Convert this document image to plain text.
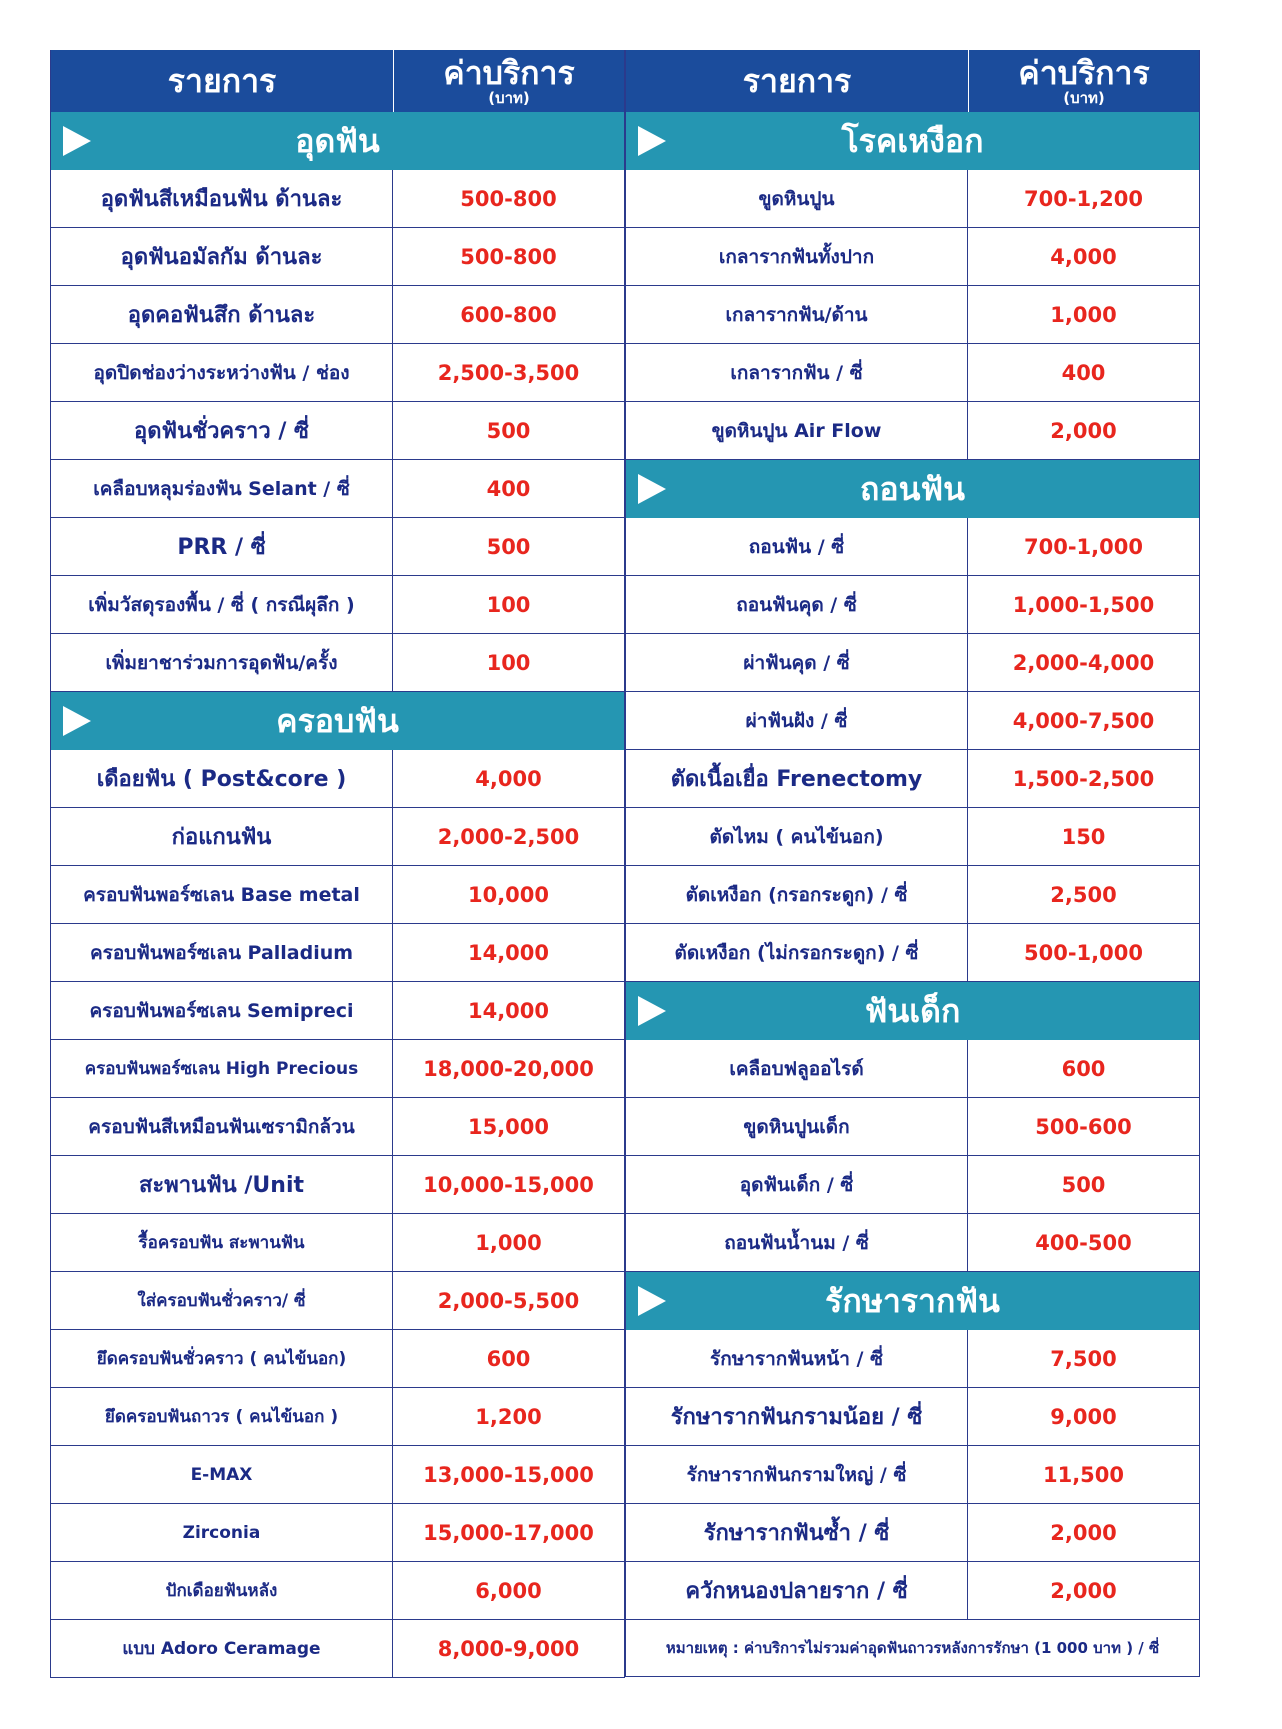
รายการ	ค่าบริการ
(บาท)
อุดฟัน
อุดฟันสีเหมือนฟัน ด้านละ	500-800
อุดฟันอมัลกัม ด้านละ	500-800
อุดคอฟันสึก ด้านละ	600-800
อุดปิดช่องว่างระหว่างฟัน / ช่อง	2,500-3,500
อุดฟันชั่วคราว / ซี่	500
เคลือบหลุมร่องฟัน Selant / ซี่	400
PRR / ซี่	500
เพิ่มวัสดุรองพื้น / ซี่ ( กรณีผุลึก )	100
เพิ่มยาชาร่วมการอุดฟัน/ครั้ง	100
ครอบฟัน
เดือยฟัน ( Post&core )	4,000
ก่อแกนฟัน	2,000-2,500
ครอบฟันพอร์ซเลน Base metal	10,000
ครอบฟันพอร์ซเลน Palladium	14,000
ครอบฟันพอร์ซเลน Semipreci	14,000
ครอบฟันพอร์ซเลน High Precious	18,000-20,000
ครอบฟันสีเหมือนฟันเซรามิกล้วน	15,000
สะพานฟัน /Unit	10,000-15,000
รื้อครอบฟัน สะพานฟัน	1,000
ใส่ครอบฟันชั่วคราว/ ซี่	2,000-5,500
ยึดครอบฟันชั่วคราว ( คนไข้นอก)	600
ยึดครอบฟันถาวร ( คนไข้นอก )	1,200
E-MAX	13,000-15,000
Zirconia	15,000-17,000
ปักเดือยฟันหลัง	6,000
แบบ Adoro Ceramage	8,000-9,000
รายการ	ค่าบริการ
(บาท)
โรคเหงือก
ขูดหินปูน	700-1,200
เกลารากฟันทั้งปาก	4,000
เกลารากฟัน/ด้าน	1,000
เกลารากฟัน / ซี่	400
ขูดหินปูน Air Flow	2,000
ถอนฟัน
ถอนฟัน / ซี่	700-1,000
ถอนฟันคุด / ซี่	1,000-1,500
ผ่าฟันคุด / ซี่	2,000-4,000
ผ่าฟันฝัง / ซี่	4,000-7,500
ตัดเนื้อเยื่อ Frenectomy	1,500-2,500
ตัดไหม ( คนไข้นอก)	150
ตัดเหงือก (กรอกระดูก) / ซี่	2,500
ตัดเหงือก (ไม่กรอกระดูก) / ซี่	500-1,000
ฟันเด็ก
เคลือบฟลูออไรด์	600
ขูดหินปูนเด็ก	500-600
อุดฟันเด็ก / ซี่	500
ถอนฟันน้ำนม / ซี่	400-500
รักษารากฟัน
รักษารากฟันหน้า / ซี่	7,500
รักษารากฟันกรามน้อย / ซี่	9,000
รักษารากฟันกรามใหญ่ / ซี่	11,500
รักษารากฟันซ้ำ / ซี่	2,000
ควักหนองปลายราก / ซี่	2,000
หมายเหตุ : ค่าบริการไม่รวมค่าอุดฟันถาวรหลังการรักษา (1 000 บาท ) / ซี่
